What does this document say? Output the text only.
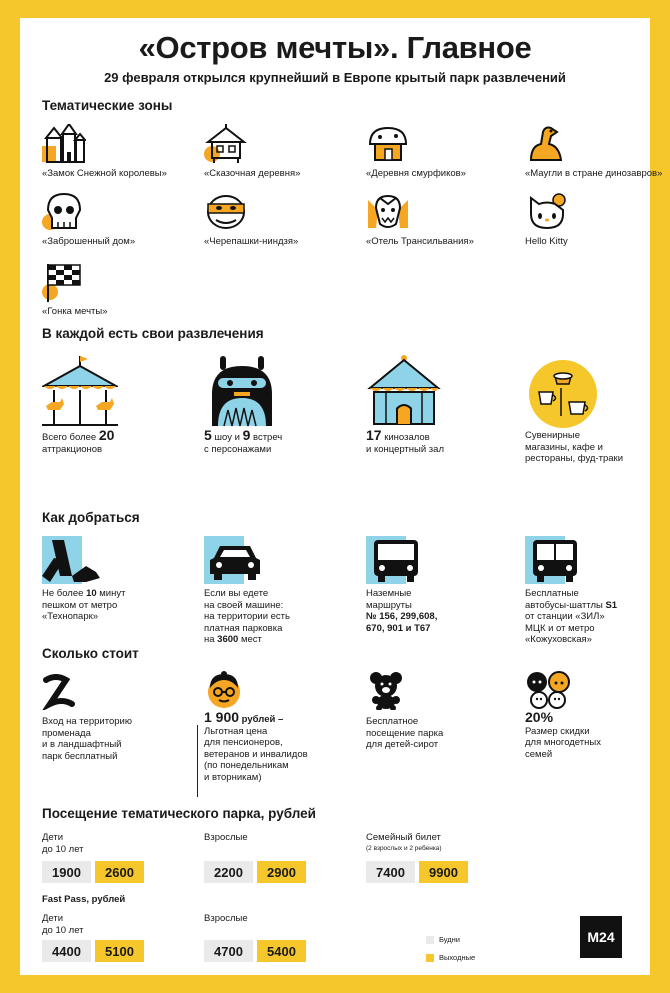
«Остров мечты». Главное
29 февраля открылся крупнейший в Европе крытый парк развлечений
Тематические зоны
«Замок Снежной королевы»	«Сказочная деревня»	«Деревня смурфиков»	«Маугли в стране динозавров»
«Заброшенный дом»	«Черепашки-ниндзя»	«Отель Трансильвания»	Hello Kitty
«Гонка мечты»
В каждой есть свои развлечения
Всего более 20
аттракционов
5 шоу и 9 встреч
с персонажами
17 кинозалов
и концертный зал
Сувенирные магазины, кафе и рестораны, фуд-траки
Как добраться
Не более 10 минут
пешком от метро
«Технопарк»
Если вы едете
на своей машине:
на территории есть
платная парковка
на 3600 мест
Наземные
маршруты
№ 156, 299,608,
670, 901 и Т67
Бесплатные
автобусы-шаттлы S1
от станции «ЗИЛ»
МЦК и от метро
«Кожуховская»
Сколько стоит
Вход на территорию
променада
и в ландшафтный
парк бесплатный
1 900 рублей –
Льготная цена
для пенсионеров,
ветеранов и инвалидов
(по понедельникам
и вторникам)
Бесплатное
посещение парка
для детей-сирот
20%
Размер скидки
для многодетных
семей
Посещение тематического парка, рублей
Дети
до 10 лет
1900	2600
Взрослые
2200	2900
Семейный билет
(2 взрослых и 2 ребенка)
7400	9900
Fast Pass, рублей
Дети
до 10 лет
4400	5100
Взрослые
4700	5400
Будни
Выходные
M24
